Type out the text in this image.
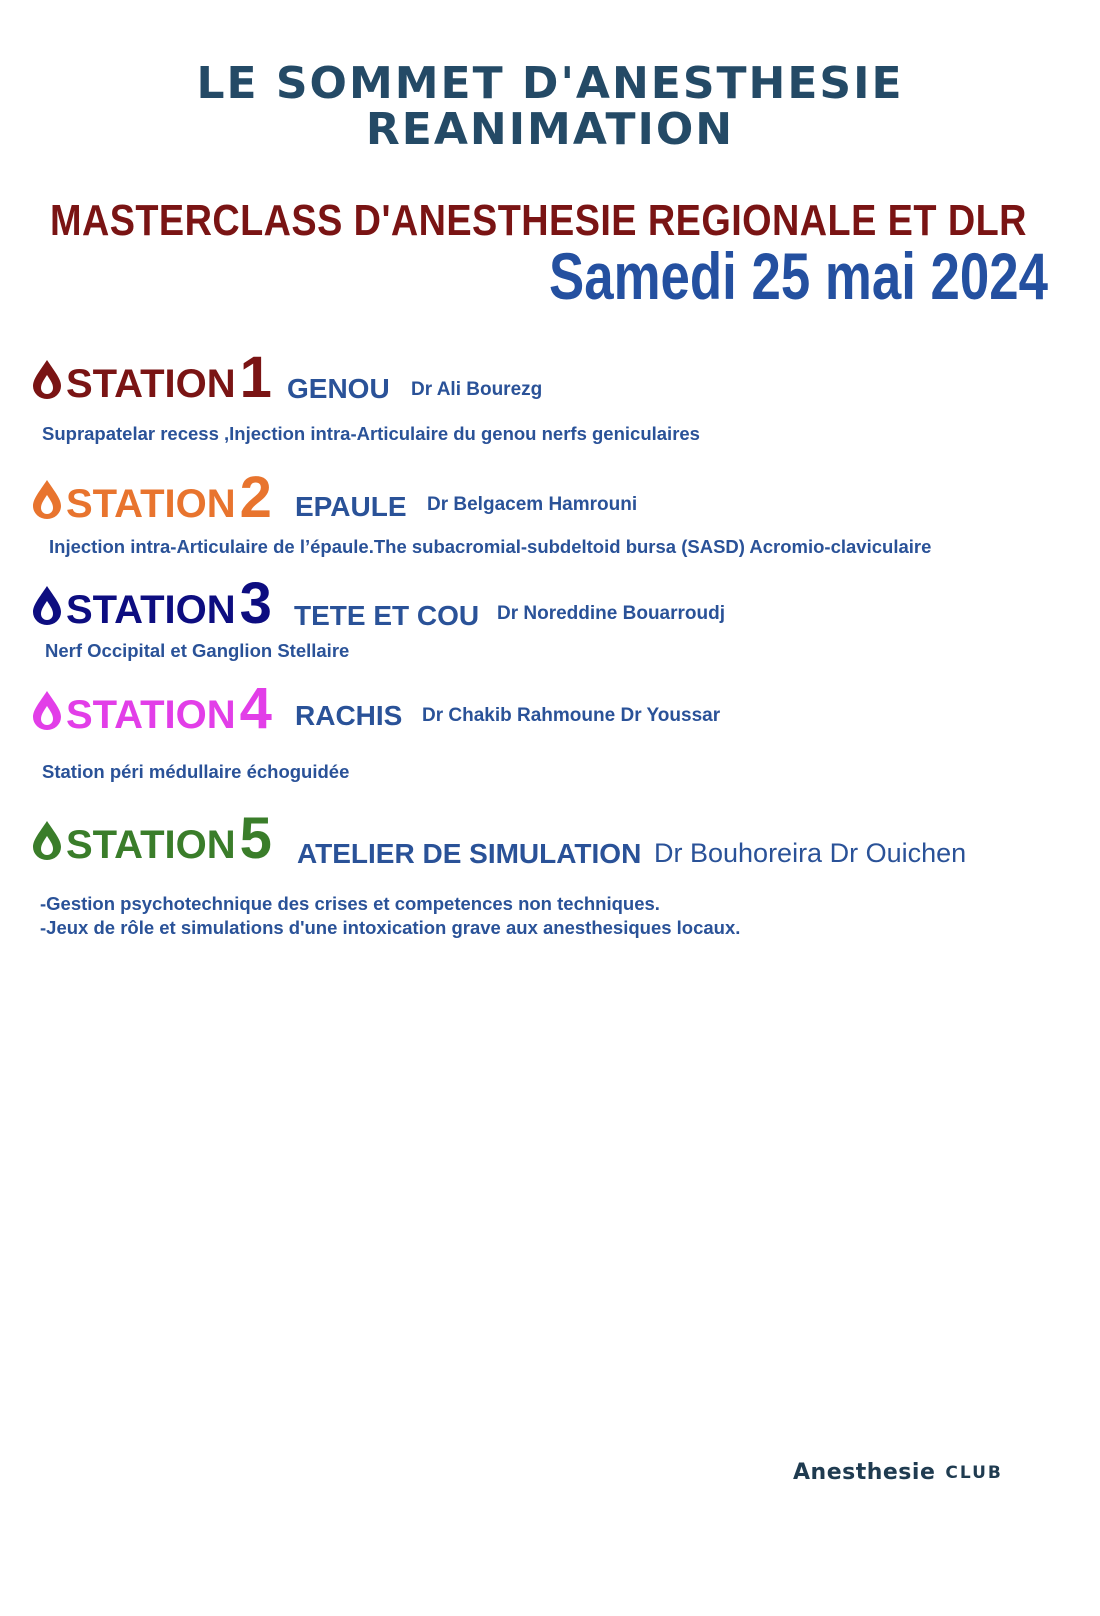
LE SOMMET D'ANESTHESIE
REANIMATION
MASTERCLASS D'ANESTHESIE REGIONALE ET DLR
Samedi 25 mai 2024
STATION 1 GENOU Dr Ali Bourezg
Suprapatelar recess ,Injection intra-Articulaire du genou nerfs geniculaires
STATION 2 EPAULE Dr Belgacem Hamrouni
Injection intra-Articulaire de l’épaule.The subacromial-subdeltoid bursa (SASD) Acromio-claviculaire
STATION 3 TETE ET COU Dr Noreddine Bouarroudj
Nerf Occipital et Ganglion Stellaire
STATION 4 RACHIS Dr Chakib Rahmoune Dr Youssar
Station péri médullaire échoguidée
STATION 5 ATELIER DE SIMULATION Dr Bouhoreira Dr Ouichen
-Gestion psychotechnique des crises et competences non techniques.
-Jeux de rôle et simulations d'une intoxication grave aux anesthesiques locaux.
Anesthesie CLUB
